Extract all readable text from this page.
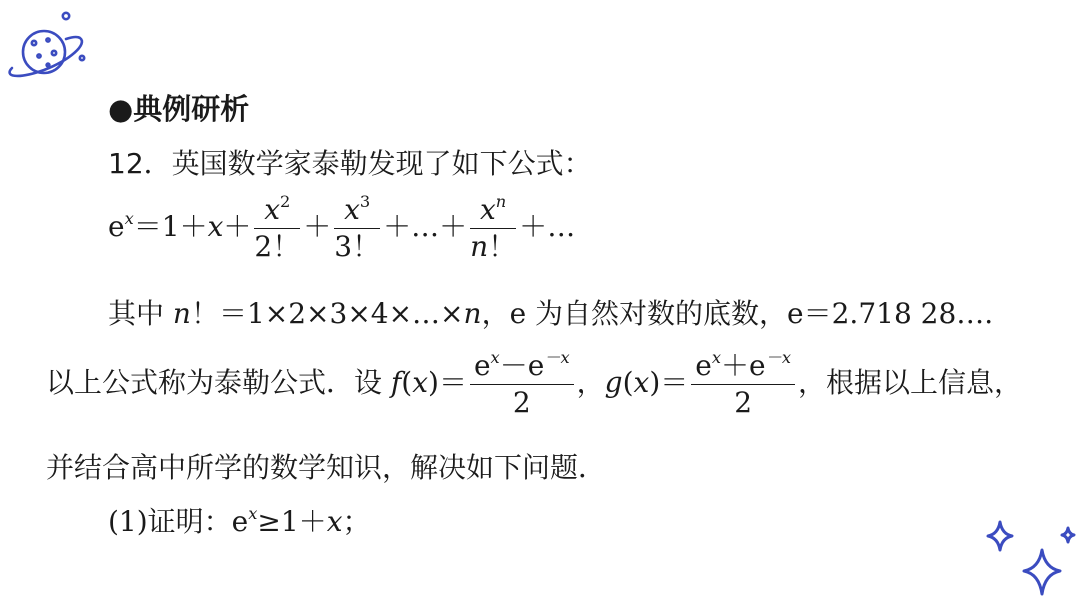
●典例研析
12．英国数学家泰勒发现了如下公式：
$e^x=1+x+ \frac{x^2}{2!} + \frac{x^3}{3!}$ ＋…＋ $\frac{x^n}{n!}$ ＋…
其中 n！＝1×2×3×4×…×n，e 为自然对数的底数，e＝2.718 28….
以上公式称为泰勒公式．设 $f(x)= \frac{e^x-e^{-x}}{2}$ ，$g(x)= \frac{e^x+e^{-x}}{2}$ ，根据以上信息，
并结合高中所学的数学知识，解决如下问题．
(1)证明：$e^x\ge 1+x$；
